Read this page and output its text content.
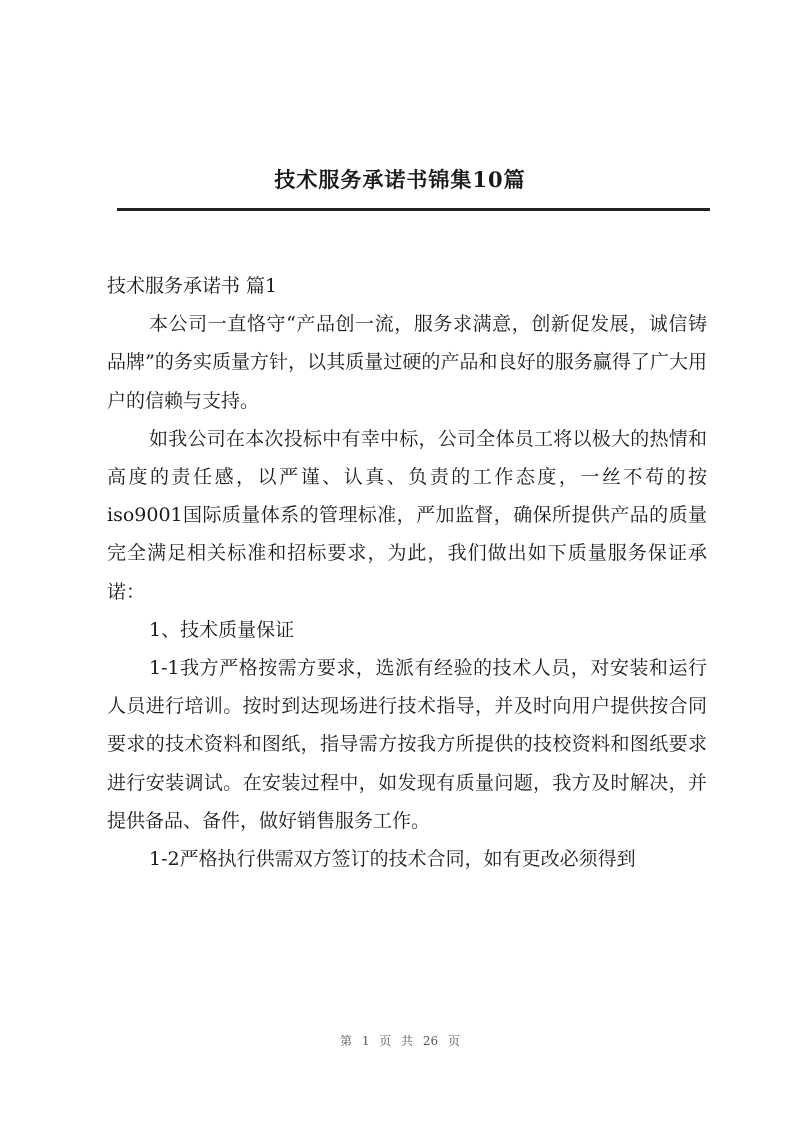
技术服务承诺书锦集10篇

技术服务承诺书 篇1

本公司一直恪守“产品创一流，服务求满意，创新促发展，诚信铸品牌”的务实质量方针，以其质量过硬的产品和良好的服务赢得了广大用户的信赖与支持。

如我公司在本次投标中有幸中标，公司全体员工将以极大的热情和高度的责任感，以严谨、认真、负责的工作态度，一丝不苟的按iso9001国际质量体系的管理标准，严加监督，确保所提供产品的质量完全满足相关标准和招标要求，为此，我们做出如下质量服务保证承诺：

1、技术质量保证

1-1我方严格按需方要求，选派有经验的技术人员，对安装和运行人员进行培训。按时到达现场进行技术指导，并及时向用户提供按合同要求的技术资料和图纸，指导需方按我方所提供的技校资料和图纸要求进行安装调试。在安装过程中，如发现有质量问题，我方及时解决，并提供备品、备件，做好销售服务工作。

1-2严格执行供需双方签订的技术合同，如有更改必须得到

第 1 页 共 26 页
